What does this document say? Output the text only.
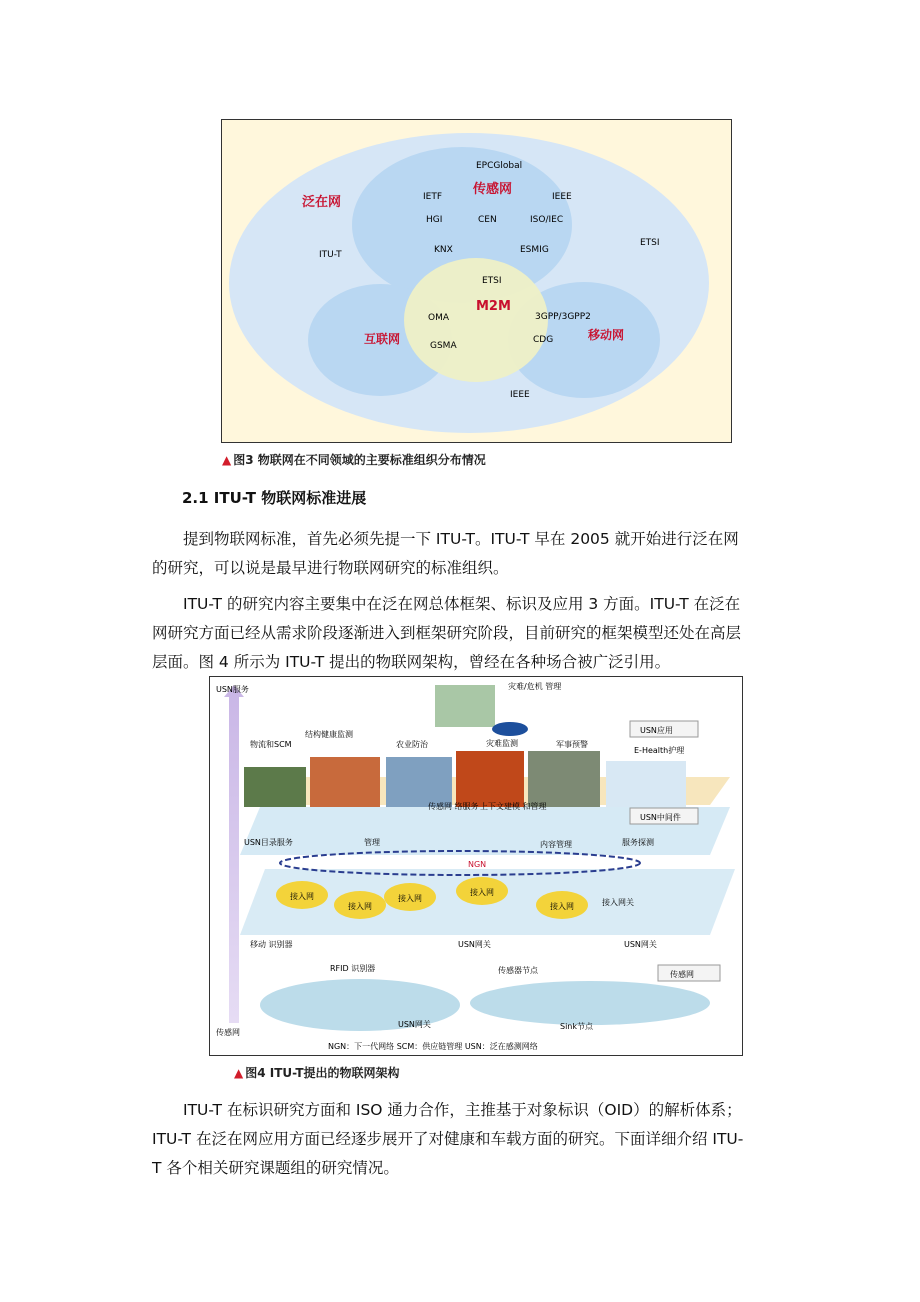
泛在网
传感网
互联网	移动网
M2M
EPCGlobal
IETF	IEEE
HGI	CEN	ISO/IEC
ITU-T
ETSI
KNX	ESMIG
ETSI
OMA
GSMA
3GPP/3GPP2
CDG
IEEE
▲ 图3 物联网在不同领域的主要标准组织分布情况
2.1 ITU-T 物联网标准进展
提到物联网标准，首先必须先提一下 ITU-T。ITU-T 早在 2005 就开始进行泛在网
的研究，可以说是最早进行物联网研究的标准组织。
ITU-T 的研究内容主要集中在泛在网总体框架、标识及应用 3 方面。ITU-T 在泛在
网研究方面已经从需求阶段逐渐进入到框架研究阶段，目前研究的框架模型还处在高层
层面。图 4 所示为 ITU-T 提出的物联网架构，曾经在各种场合被广泛引用。
USN服务
传感网
物流和SCM
结构健康监测
农业防治
灾难/危机 管理
灾难监测	军事预警
USN应用
E-Health护理
传感网 络服务 上下文建模 和管理
USN中间件
USN目录服务	管理	内容管理	服务探测
NGN
接入网
接入网
接入网
接入网
接入网	接入网关
移动 识别器
RFID 识别器
USN网关	USN网关
传感器节点
USN网关	Sink节点
传感网
NGN：下一代网络 SCM：供应链管理 USN：泛在感测网络
▲ 图4 ITU-T提出的物联网架构
ITU-T 在标识研究方面和 ISO 通力合作，主推基于对象标识（OID）的解析体系；
ITU-T 在泛在网应用方面已经逐步展开了对健康和车载方面的研究。下面详细介绍 ITU-
T 各个相关研究课题组的研究情况。
